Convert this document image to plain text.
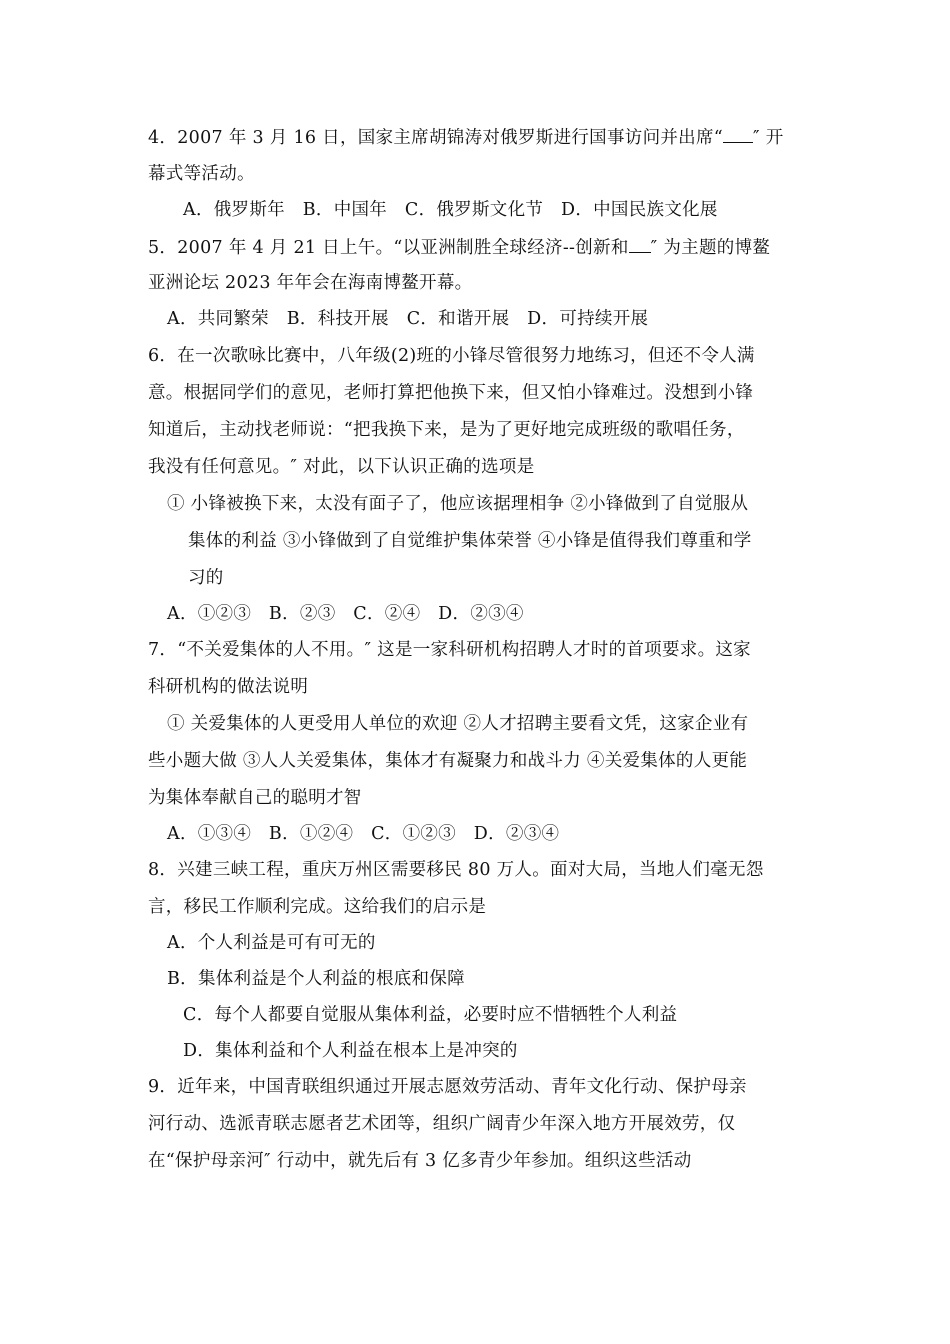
4．2007 年 3 月 16 日，国家主席胡锦涛对俄罗斯进行国事访问并出席“ ″ 开
幕式等活动。
A．俄罗斯年　B．中国年　C．俄罗斯文化节　D．中国民族文化展
5．2007 年 4 月 21 日上午。“以亚洲制胜全球经济--创新和 ″ 为主题的博鳌
亚洲论坛 2023 年年会在海南博鳌开幕。
A．共同繁荣　B．科技开展　C．和谐开展　D．可持续开展
6．在一次歌咏比赛中，八年级(2)班的小锋尽管很努力地练习，但还不令人满
意。根据同学们的意见，老师打算把他换下来，但又怕小锋难过。没想到小锋
知道后，主动找老师说：“把我换下来，是为了更好地完成班级的歌唱任务，
我没有任何意见。″ 对此，以下认识正确的选项是
① 小锋被换下来，太没有面子了，他应该据理相争 ②小锋做到了自觉服从
集体的利益 ③小锋做到了自觉维护集体荣誉 ④小锋是值得我们尊重和学
习的
A．①②③　B．②③　C．②④　D．②③④
7．“不关爱集体的人不用。″ 这是一家科研机构招聘人才时的首项要求。这家
科研机构的做法说明
① 关爱集体的人更受用人单位的欢迎 ②人才招聘主要看文凭，这家企业有
些小题大做 ③人人关爱集体，集体才有凝聚力和战斗力 ④关爱集体的人更能
为集体奉献自己的聪明才智
A．①③④　B．①②④　C．①②③　D．②③④
8．兴建三峡工程，重庆万州区需要移民 80 万人。面对大局，当地人们毫无怨
言，移民工作顺利完成。这给我们的启示是
A．个人利益是可有可无的
B．集体利益是个人利益的根底和保障
C．每个人都要自觉服从集体利益，必要时应不惜牺牲个人利益
D．集体利益和个人利益在根本上是冲突的
9．近年来，中国青联组织通过开展志愿效劳活动、青年文化行动、保护母亲
河行动、选派青联志愿者艺术团等，组织广阔青少年深入地方开展效劳，仅
在“保护母亲河″ 行动中，就先后有 3 亿多青少年参加。组织这些活动
